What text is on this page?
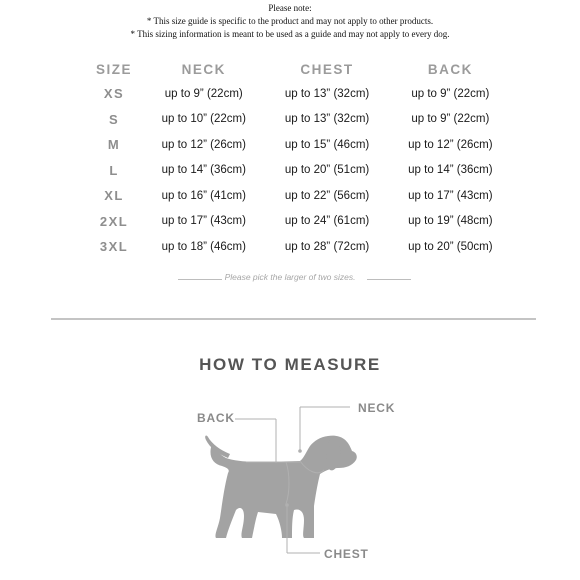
Please note:
* This size guide is specific to the product and may not apply to other products.
* This sizing information is meant to be used as a guide and may not apply to every dog.
SIZE	NECK	CHEST	BACK
XS	up to 9” (22cm)	up to 13” (32cm)	up to 9” (22cm)
S	up to 10” (22cm)	up to 13” (32cm)	up to 9” (22cm)
M	up to 12” (26cm)	up to 15” (46cm)	up to 12” (26cm)
L	up to 14” (36cm)	up to 20” (51cm)	up to 14” (36cm)
XL	up to 16” (41cm)	up to 22” (56cm)	up to 17” (43cm)
2XL	up to 17” (43cm)	up to 24” (61cm)	up to 19” (48cm)
3XL	up to 18” (46cm)	up to 28” (72cm)	up to 20” (50cm)
Please pick the larger of two sizes.
HOW TO MEASURE
BACK
NECK
CHEST
